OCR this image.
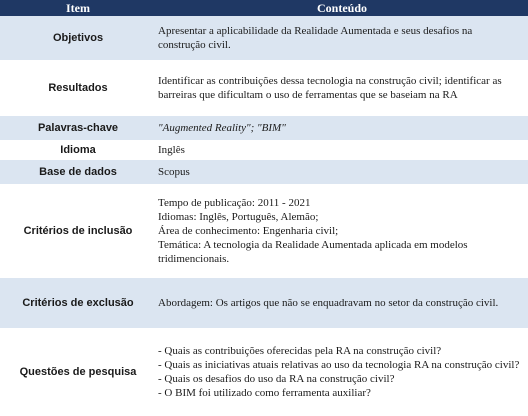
Item	Conteúdo
Objetivos	Apresentar a aplicabilidade da Realidade Aumentada e seus desafios na
construção civil.

Resultados	Identificar as contribuições dessa tecnologia na construção civil; identificar as
barreiras que dificultam o uso de ferramentas que se baseiam na RA

Palavras-chave	"Augmented Reality"; "BIM"

Idioma	Inglês

Base de dados	Scopus

Critérios de inclusão	Tempo de publicação: 2011 - 2021
Idiomas: Inglês, Português, Alemão;
Área de conhecimento: Engenharia civil;
Temática: A tecnologia da Realidade Aumentada aplicada em modelos
tridimencionais.

Critérios de exclusão	Abordagem: Os artigos que não se enquadravam no setor da construção civil.

Questões de pesquisa	- Quais as contribuições oferecidas pela RA na construção civil?
- Quais as iniciativas atuais relativas ao uso da tecnologia RA na construção civil?
- Quais os desafios do uso da RA na construção civil?
- O BIM foi utilizado como ferramenta auxiliar?
